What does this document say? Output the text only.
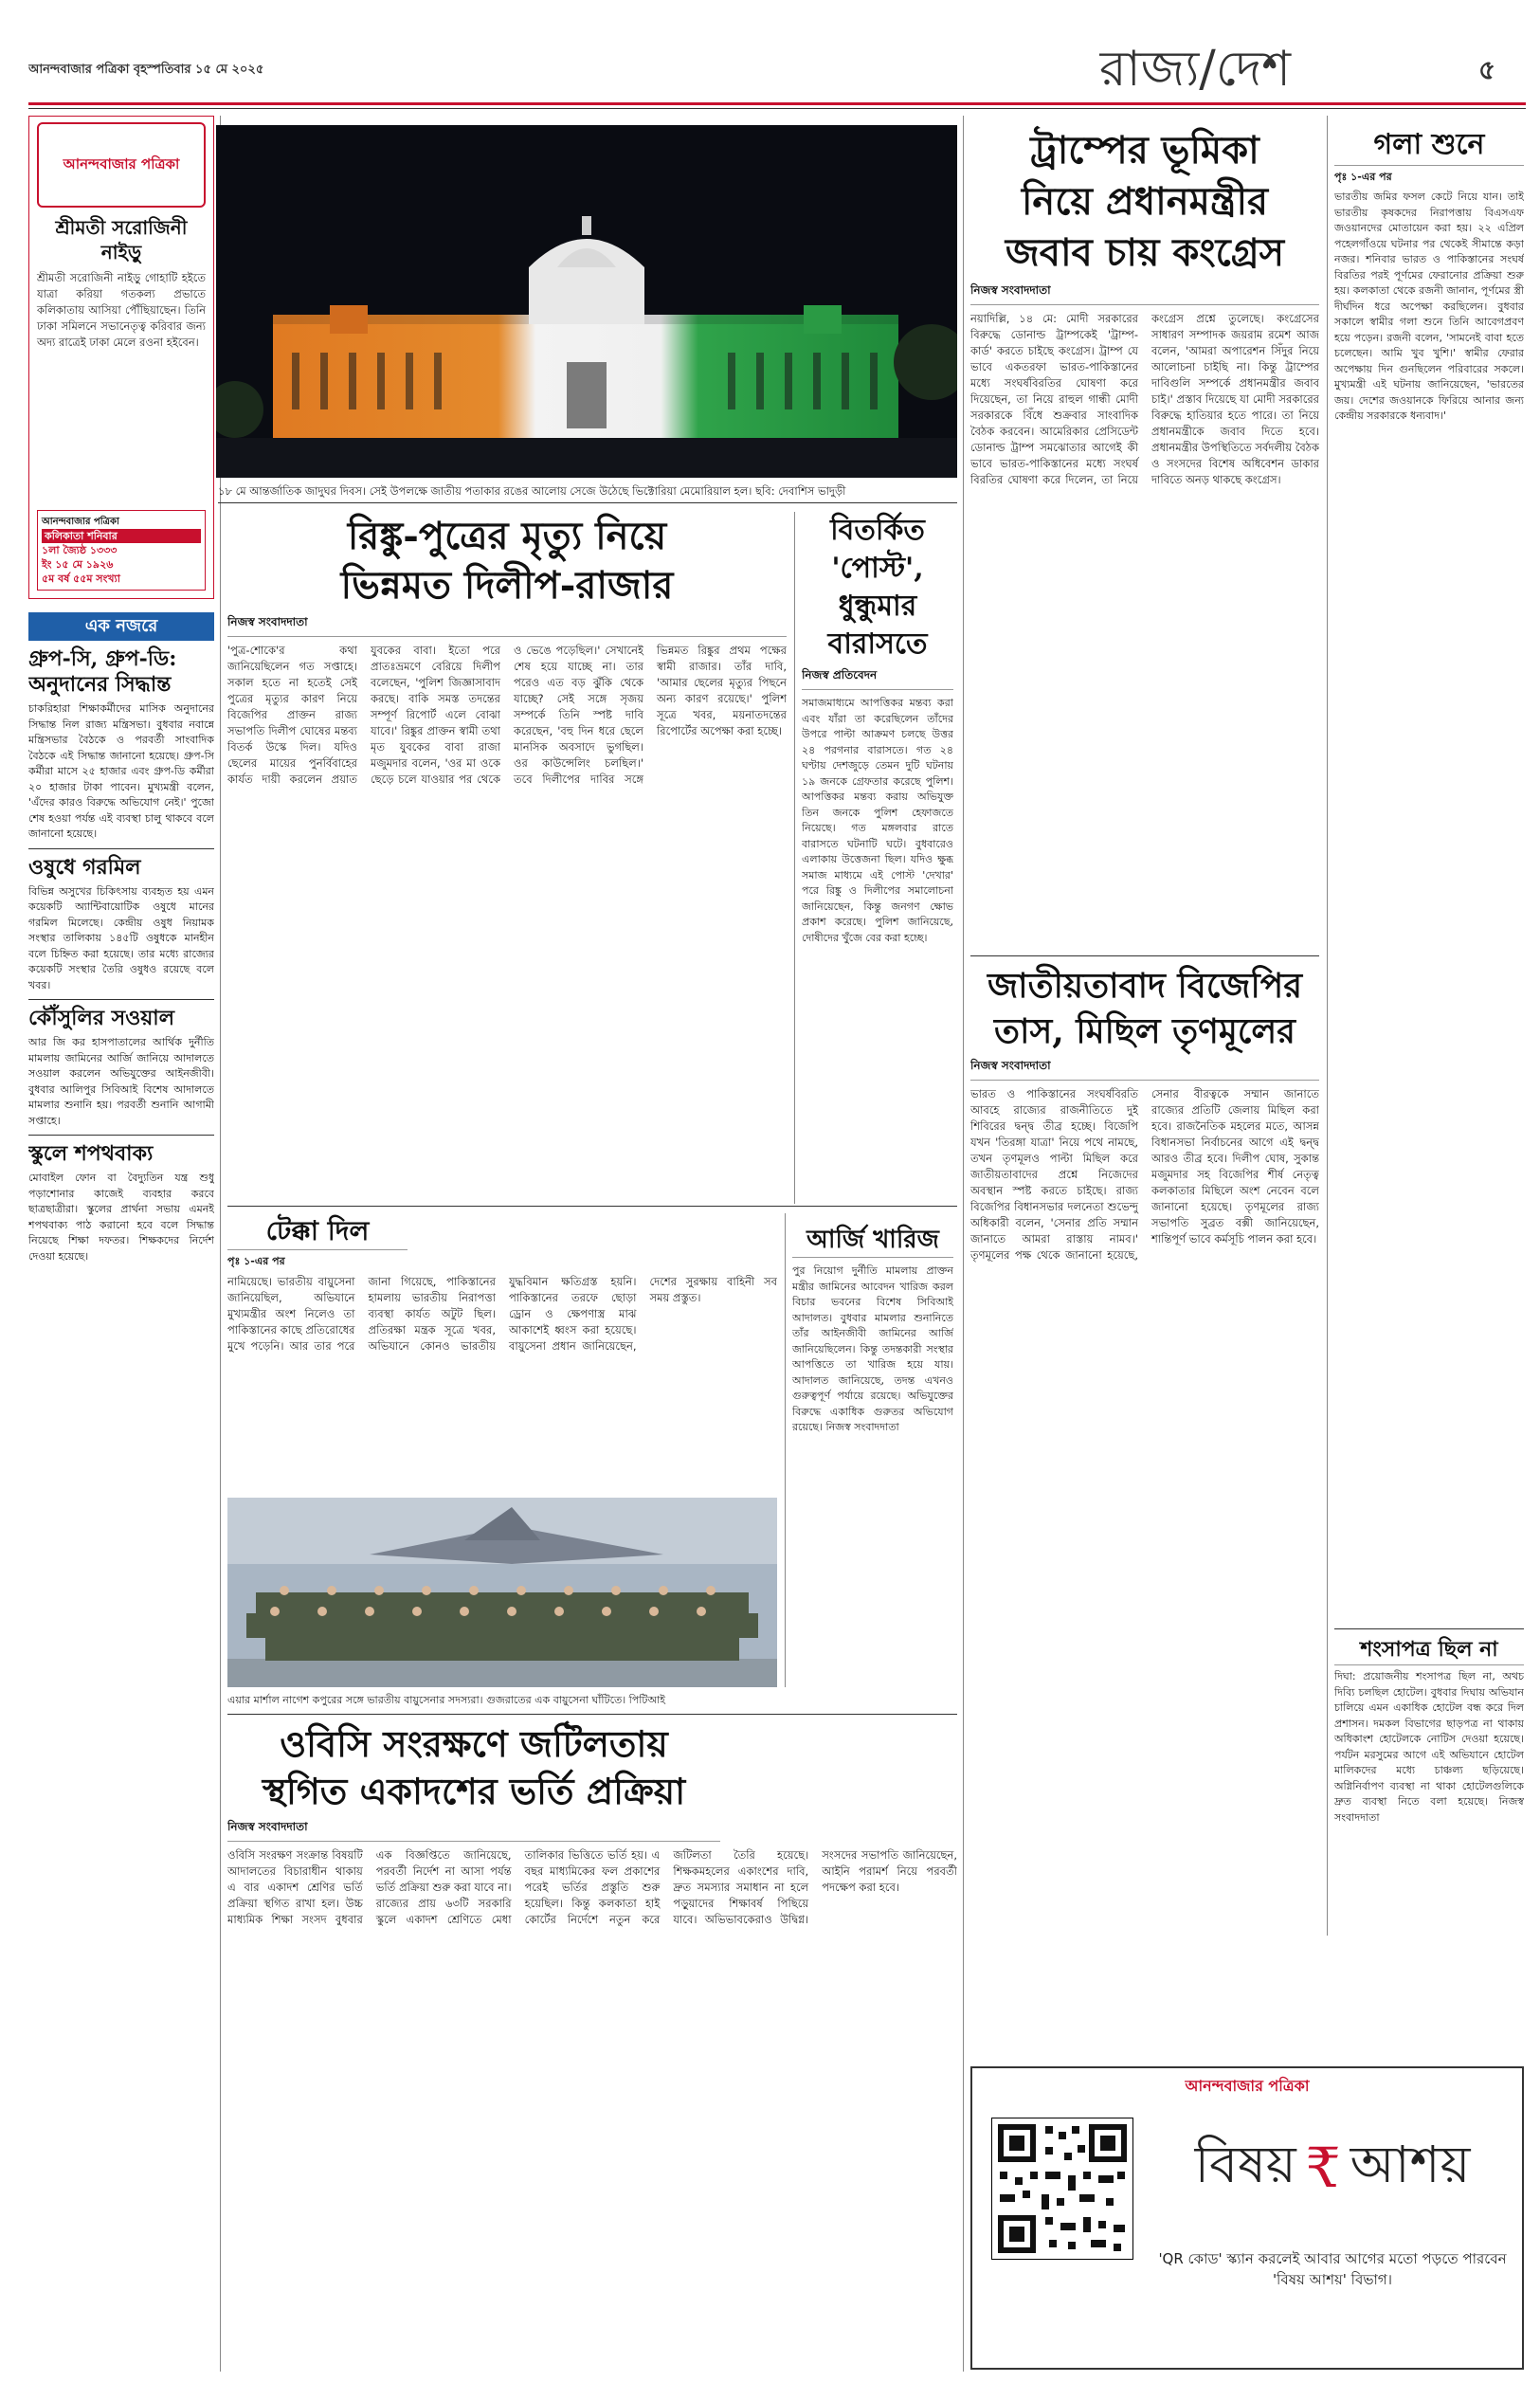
আনন্দবাজার পত্রিকা বৃহস্পতিবার ১৫ মে ২০২৫	রাজ্য/দেশ	৫
আনন্দবাজার পত্রিকা
শ্রীমতী সরোজিনী নাইড়ু
শ্রীমতী সরোজিনী নাইড়ু গোহাটি হইতে যাত্রা করিয়া গতকল্য প্রভাতে কলিকাতায় আসিয়া পৌঁছিয়াছেন। তিনি ঢাকা সমিলনে সভানেতৃত্ব করিবার জন্য অদ্য রাত্রেই ঢাকা মেলে রওনা হইবেন।
আনন্দবাজার পত্রিকা
কলিকাতা শনিবার
১লা জ্যৈষ্ঠ ১৩৩৩
ইং ১৫ মে ১৯২৬
৫ম বর্ষ ৫৫ম সংখ্যা
এক নজরে
গ্রুপ-সি, গ্রুপ-ডি: অনুদানের সিদ্ধান্ত

চাকরিহারা শিক্ষাকর্মীদের মাসিক অনুদানের সিদ্ধান্ত নিল রাজ্য মন্ত্রিসভা। বুধবার নবান্নে মন্ত্রিসভার বৈঠকে ও পরবর্তী সাংবাদিক বৈঠকে এই সিদ্ধান্ত জানানো হয়েছে। গ্রুপ-সি কর্মীরা মাসে ২৫ হাজার এবং গ্রুপ-ডি কর্মীরা ২০ হাজার টাকা পাবেন। মুখ্যমন্ত্রী বলেন, 'এঁদের কারও বিরুদ্ধে অভিযোগ নেই।' পুজো শেষ হওয়া পর্যন্ত এই ব্যবস্থা চালু থাকবে বলে জানানো হয়েছে।

ওষুধে গরমিল

বিভিন্ন অসুখের চিকিৎসায় ব্যবহৃত হয় এমন কয়েকটি অ্যান্টিবায়োটিক ওষুধে মানের গরমিল মিলেছে। কেন্দ্রীয় ওষুধ নিয়ামক সংস্থার তালিকায় ১৪৫টি ওষুধকে মানহীন বলে চিহ্নিত করা হয়েছে। তার মধ্যে রাজ্যের কয়েকটি সংস্থার তৈরি ওষুধও রয়েছে বলে খবর।

কৌঁসুলির সওয়াল

আর জি কর হাসপাতালের আর্থিক দুর্নীতি মামলায় জামিনের আর্জি জানিয়ে আদালতে সওয়াল করলেন অভিযুক্তের আইনজীবী। বুধবার আলিপুর সিবিআই বিশেষ আদালতে মামলার শুনানি হয়। পরবর্তী শুনানি আগামী সপ্তাহে।

স্কুলে শপথবাক্য

মোবাইল ফোন বা বৈদ্যুতিন যন্ত্র শুধু পড়াশোনার কাজেই ব্যবহার করবে ছাত্রছাত্রীরা। স্কুলের প্রার্থনা সভায় এমনই শপথবাক্য পাঠ করানো হবে বলে সিদ্ধান্ত নিয়েছে শিক্ষা দফতর। শিক্ষকদের নির্দেশ দেওয়া হয়েছে।

১৮ মে আন্তর্জাতিক জাদুঘর দিবস। সেই উপলক্ষে জাতীয় পতাকার রঙের আলোয় সেজে উঠেছে ভিক্টোরিয়া মেমোরিয়াল হল। ছবি: দেবাশিস ভাদুড়ী
রিঙ্কু-পুত্রের মৃত্যু নিয়ে
ভিন্নমত দিলীপ-রাজার
নিজস্ব সংবাদদাতা
'পুত্র-শোকে'র কথা জানিয়েছিলেন গত সপ্তাহে। সকাল হতে না হতেই সেই পুত্রের মৃত্যুর কারণ নিয়ে বিজেপির প্রাক্তন রাজ্য সভাপতি দিলীপ ঘোষের মন্তব্য বিতর্ক উস্কে দিল। যদিও ছেলের মায়ের পুনর্বিবাহের কার্যত দায়ী করলেন প্রয়াত যুবকের বাবা। ইতো পরে প্রাতঃভ্রমণে বেরিয়ে দিলীপ বলেছেন, 'পুলিশ জিজ্ঞাসাবাদ করছে। বাকি সমস্ত তদন্তের সম্পূর্ণ রিপোর্ট এলে বোঝা যাবে।' রিঙ্কুর প্রাক্তন স্বামী তথা মৃত যুবকের বাবা রাজা মজুমদার বলেন, 'ওর মা ওকে ছেড়ে চলে যাওয়ার পর থেকে ও ভেঙে পড়েছিল।' সেখানেই শেষ হয়ে যাচ্ছে না। তার পরেও এত বড় ঝুঁকি থেকে যাচ্ছে? সেই সঙ্গে সৃজয় সম্পর্কে তিনি স্পষ্ট দাবি করেছেন, 'বহু দিন ধরে ছেলে মানসিক অবসাদে ভুগছিল। ওর কাউন্সেলিং চলছিল।' তবে দিলীপের দাবির সঙ্গে ভিন্নমত রিঙ্কুর প্রথম পক্ষের স্বামী রাজার। তাঁর দাবি, 'আমার ছেলের মৃত্যুর পিছনে অন্য কারণ রয়েছে।' পুলিশ সূত্রে খবর, ময়নাতদন্তের রিপোর্টের অপেক্ষা করা হচ্ছে।
বিতর্কিত
'পোস্ট',
ধুন্ধুমার
বারাসতে
নিজস্ব প্রতিবেদন
সমাজমাধ্যমে আপত্তিকর মন্তব্য করা এবং যাঁরা তা করেছিলেন তাঁদের উপরে পাল্টা আক্রমণ চলছে উত্তর ২৪ পরগনার বারাসতে। গত ২৪ ঘণ্টায় দেশজুড়ে তেমন দুটি ঘটনায় ১৯ জনকে গ্রেফতার করেছে পুলিশ। আপত্তিকর মন্তব্য করায় অভিযুক্ত তিন জনকে পুলিশ হেফাজতে নিয়েছে। গত মঙ্গলবার রাতে বারাসতে ঘটনাটি ঘটে। বুধবারেও এলাকায় উত্তেজনা ছিল। যদিও ক্ষুব্ধ সমাজ মাধ্যমে এই পোস্ট 'দেখার' পরে রিঙ্কু ও দিলীপের সমালোচনা জানিয়েছেন, কিন্তু জনগণ ক্ষোভ প্রকাশ করেছে। পুলিশ জানিয়েছে, দোষীদের খুঁজে বের করা হচ্ছে।
টেক্কা দিল
পৃঃ ১-এর পর
নামিয়েছে। ভারতীয় বায়ুসেনা জানিয়েছিল, অভিযানে মুখ্যমন্ত্রীর অংশ নিলেও তা পাকিস্তানের কাছে প্রতিরোধের মুখে পড়েনি। আর তার পরে জানা গিয়েছে, পাকিস্তানের হামলায় ভারতীয় নিরাপত্তা ব্যবস্থা কার্যত অটুট ছিল। প্রতিরক্ষা মন্ত্রক সূত্রে খবর, অভিযানে কোনও ভারতীয় যুদ্ধবিমান ক্ষতিগ্রস্ত হয়নি। পাকিস্তানের তরফে ছোড়া ড্রোন ও ক্ষেপণাস্ত্র মাঝ আকাশেই ধ্বংস করা হয়েছে। বায়ুসেনা প্রধান জানিয়েছেন, দেশের সুরক্ষায় বাহিনী সব সময় প্রস্তুত।
আর্জি খারিজ
পুর নিয়োগ দুর্নীতি মামলায় প্রাক্তন মন্ত্রীর জামিনের আবেদন খারিজ করল বিচার ভবনের বিশেষ সিবিআই আদালত। বুধবার মামলার শুনানিতে তাঁর আইনজীবী জামিনের আর্জি জানিয়েছিলেন। কিন্তু তদন্তকারী সংস্থার আপত্তিতে তা খারিজ হয়ে যায়। আদালত জানিয়েছে, তদন্ত এখনও গুরুত্বপূর্ণ পর্যায়ে রয়েছে। অভিযুক্তের বিরুদ্ধে একাধিক গুরুতর অভিযোগ রয়েছে। নিজস্ব সংবাদদাতা
এয়ার মার্শাল নাগেশ কপুরের সঙ্গে ভারতীয় বায়ুসেনার সদস্যরা। গুজরাতের এক বায়ুসেনা ঘাঁটিতে। পিটিআই
ওবিসি সংরক্ষণে জটিলতায়
স্থগিত একাদশের ভর্তি প্রক্রিয়া
নিজস্ব সংবাদদাতা
ওবিসি সংরক্ষণ সংক্রান্ত বিষয়টি আদালতের বিচারাধীন থাকায় এ বার একাদশ শ্রেণির ভর্তি প্রক্রিয়া স্থগিত রাখা হল। উচ্চ মাধ্যমিক শিক্ষা সংসদ বুধবার এক বিজ্ঞপ্তিতে জানিয়েছে, পরবর্তী নির্দেশ না আসা পর্যন্ত ভর্তি প্রক্রিয়া শুরু করা যাবে না। রাজ্যের প্রায় ৬৩টি সরকারি স্কুলে একাদশ শ্রেণিতে মেধা তালিকার ভিত্তিতে ভর্তি হয়। এ বছর মাধ্যমিকের ফল প্রকাশের পরেই ভর্তির প্রস্তুতি শুরু হয়েছিল। কিন্তু কলকাতা হাই কোর্টের নির্দেশে নতুন করে জটিলতা তৈরি হয়েছে। শিক্ষকমহলের একাংশের দাবি, দ্রুত সমস্যার সমাধান না হলে পড়ুয়াদের শিক্ষাবর্ষ পিছিয়ে যাবে। অভিভাবকেরাও উদ্বিগ্ন। সংসদের সভাপতি জানিয়েছেন, আইনি পরামর্শ নিয়ে পরবর্তী পদক্ষেপ করা হবে।
ট্রাম্পের ভূমিকা
নিয়ে প্রধানমন্ত্রীর
জবাব চায় কংগ্রেস
নিজস্ব সংবাদদাতা
নয়াদিল্লি, ১৪ মে: মোদী সরকারের বিরুদ্ধে ডোনাল্ড ট্রাম্পকেই 'ট্রাম্প-কার্ড' করতে চাইছে কংগ্রেস। ট্রাম্প যে ভাবে একতরফা ভারত-পাকিস্তানের মধ্যে সংঘর্ষবিরতির ঘোষণা করে দিয়েছেন, তা নিয়ে রাহুল গান্ধী মোদী সরকারকে বিঁধে শুক্রবার সাংবাদিক বৈঠক করবেন। আমেরিকার প্রেসিডেন্ট ডোনাল্ড ট্রাম্প সমঝোতার আগেই কী ভাবে ভারত-পাকিস্তানের মধ্যে সংঘর্ষ বিরতির ঘোষণা করে দিলেন, তা নিয়ে কংগ্রেস প্রশ্নে তুলেছে। কংগ্রেসের সাধারণ সম্পাদক জয়রাম রমেশ আজ বলেন, 'আমরা অপারেশন সিঁদুর নিয়ে আলোচনা চাইছি না। কিন্তু ট্রাম্পের দাবিগুলি সম্পর্কে প্রধানমন্ত্রীর জবাব চাই।' প্রস্তাব দিয়েছে যা মোদী সরকারের বিরুদ্ধে হাতিয়ার হতে পারে। তা নিয়ে প্রধানমন্ত্রীকে জবাব দিতে হবে। প্রধানমন্ত্রীর উপস্থিতিতে সর্বদলীয় বৈঠক ও সংসদের বিশেষ অধিবেশন ডাকার দাবিতে অনড় থাকছে কংগ্রেস।
জাতীয়তাবাদ বিজেপির
তাস, মিছিল তৃণমূলের
নিজস্ব সংবাদদাতা
ভারত ও পাকিস্তানের সংঘর্ষবিরতি আবহে রাজ্যের রাজনীতিতে দুই শিবিরের দ্বন্দ্ব তীব্র হচ্ছে। বিজেপি যখন 'তিরঙ্গা যাত্রা' নিয়ে পথে নামছে, তখন তৃণমূলও পাল্টা মিছিল করে জাতীয়তাবাদের প্রশ্নে নিজেদের অবস্থান স্পষ্ট করতে চাইছে। রাজ্য বিজেপির বিধানসভার দলনেতা শুভেন্দু অধিকারী বলেন, 'সেনার প্রতি সম্মান জানাতে আমরা রাস্তায় নামব।' তৃণমূলের পক্ষ থেকে জানানো হয়েছে, সেনার বীরত্বকে সম্মান জানাতে রাজ্যের প্রতিটি জেলায় মিছিল করা হবে। রাজনৈতিক মহলের মতে, আসন্ন বিধানসভা নির্বাচনের আগে এই দ্বন্দ্ব আরও তীব্র হবে। দিলীপ ঘোষ, সুকান্ত মজুমদার সহ বিজেপির শীর্ষ নেতৃত্ব কলকাতার মিছিলে অংশ নেবেন বলে জানানো হয়েছে। তৃণমূলের রাজ্য সভাপতি সুব্রত বক্সী জানিয়েছেন, শান্তিপূর্ণ ভাবে কর্মসূচি পালন করা হবে।
গলা শুনে
পৃঃ ১-এর পর
ভারতীয় জমির ফসল কেটে নিয়ে যান। তাই ভারতীয় কৃষকদের নিরাপত্তায় বিএসএফ জওয়ানদের মোতায়েন করা হয়। ২২ এপ্রিল পহেলগাঁওয়ে ঘটনার পর থেকেই সীমান্তে কড়া নজর। শনিবার ভারত ও পাকিস্তানের সংঘর্ষ বিরতির পরই পূর্ণমের ফেরানোর প্রক্রিয়া শুরু হয়। কলকাতা থেকে রজনী জানান, পূর্ণমের স্ত্রী দীর্ঘদিন ধরে অপেক্ষা করছিলেন। বুধবার সকালে স্বামীর গলা শুনে তিনি আবেগপ্রবণ হয়ে পড়েন। রজনী বলেন, 'সামনেই বাবা হতে চলেছেন। আমি খুব খুশি।' স্বামীর ফেরার অপেক্ষায় দিন গুনছিলেন পরিবারের সকলে। মুখ্যমন্ত্রী এই ঘটনায় জানিয়েছেন, 'ভারতের জয়। দেশের জওয়ানকে ফিরিয়ে আনার জন্য কেন্দ্রীয় সরকারকে ধন্যবাদ।'
শংসাপত্র ছিল না
দিঘা: প্রয়োজনীয় শংসাপত্র ছিল না, অথচ দিব্যি চলছিল হোটেল। বুধবার দিঘায় অভিযান চালিয়ে এমন একাধিক হোটেল বন্ধ করে দিল প্রশাসন। দমকল বিভাগের ছাড়পত্র না থাকায় অধিকাংশ হোটেলকে নোটিস দেওয়া হয়েছে। পর্যটন মরসুমের আগে এই অভিযানে হোটেল মালিকদের মধ্যে চাঞ্চল্য ছড়িয়েছে। অগ্নিনির্বাপণ ব্যবস্থা না থাকা হোটেলগুলিকে দ্রুত ব্যবস্থা নিতে বলা হয়েছে। নিজস্ব সংবাদদাতা
আনন্দবাজার পত্রিকা
বিষয় ₹ আশয়
'QR কোড' স্ক্যান করলেই আবার আগের মতো পড়তে পারবেন 'বিষয় আশয়' বিভাগ।
